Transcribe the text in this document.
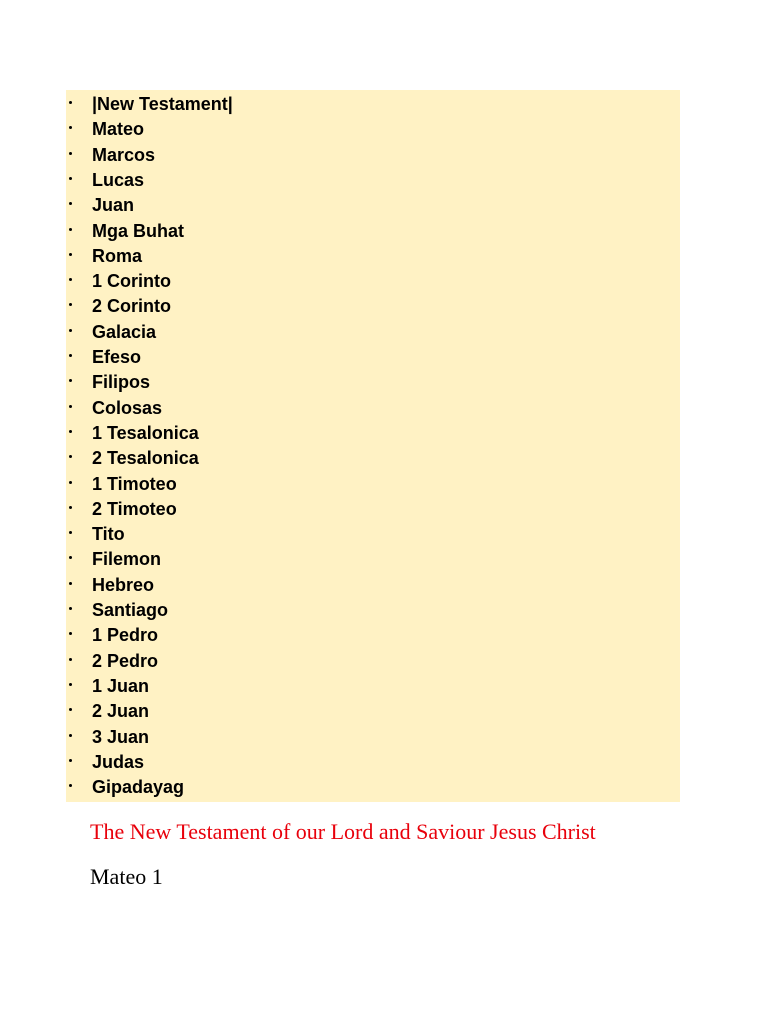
|New Testament|
Mateo
Marcos
Lucas
Juan
Mga Buhat
Roma
1 Corinto
2 Corinto
Galacia
Efeso
Filipos
Colosas
1 Tesalonica
2 Tesalonica
1 Timoteo
2 Timoteo
Tito
Filemon
Hebreo
Santiago
1 Pedro
2 Pedro
1 Juan
2 Juan
3 Juan
Judas
Gipadayag
The New Testament of our Lord and Saviour Jesus Christ
Mateo 1
